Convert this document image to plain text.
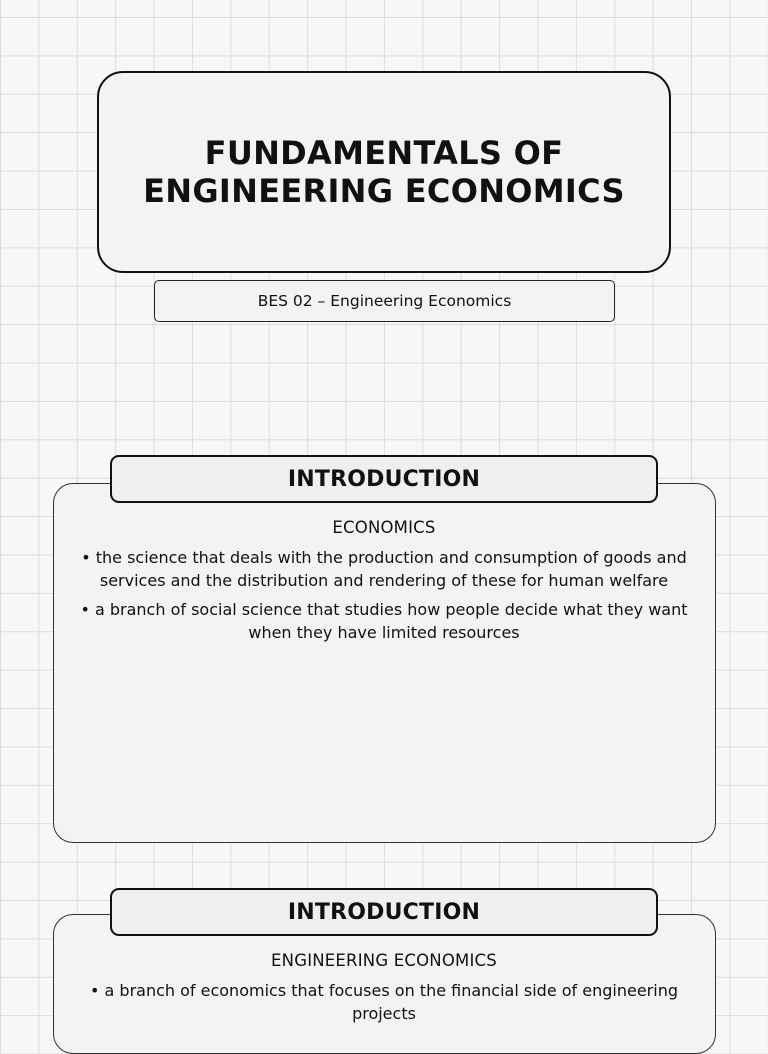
FUNDAMENTALS OF ENGINEERING ECONOMICS
BES 02 – Engineering Economics
INTRODUCTION
ECONOMICS
• the science that deals with the production and consumption of goods and services and the distribution and rendering of these for human welfare
• a branch of social science that studies how people decide what they want when they have limited resources
INTRODUCTION
ENGINEERING ECONOMICS
• a branch of economics that focuses on the financial side of engineering projects
